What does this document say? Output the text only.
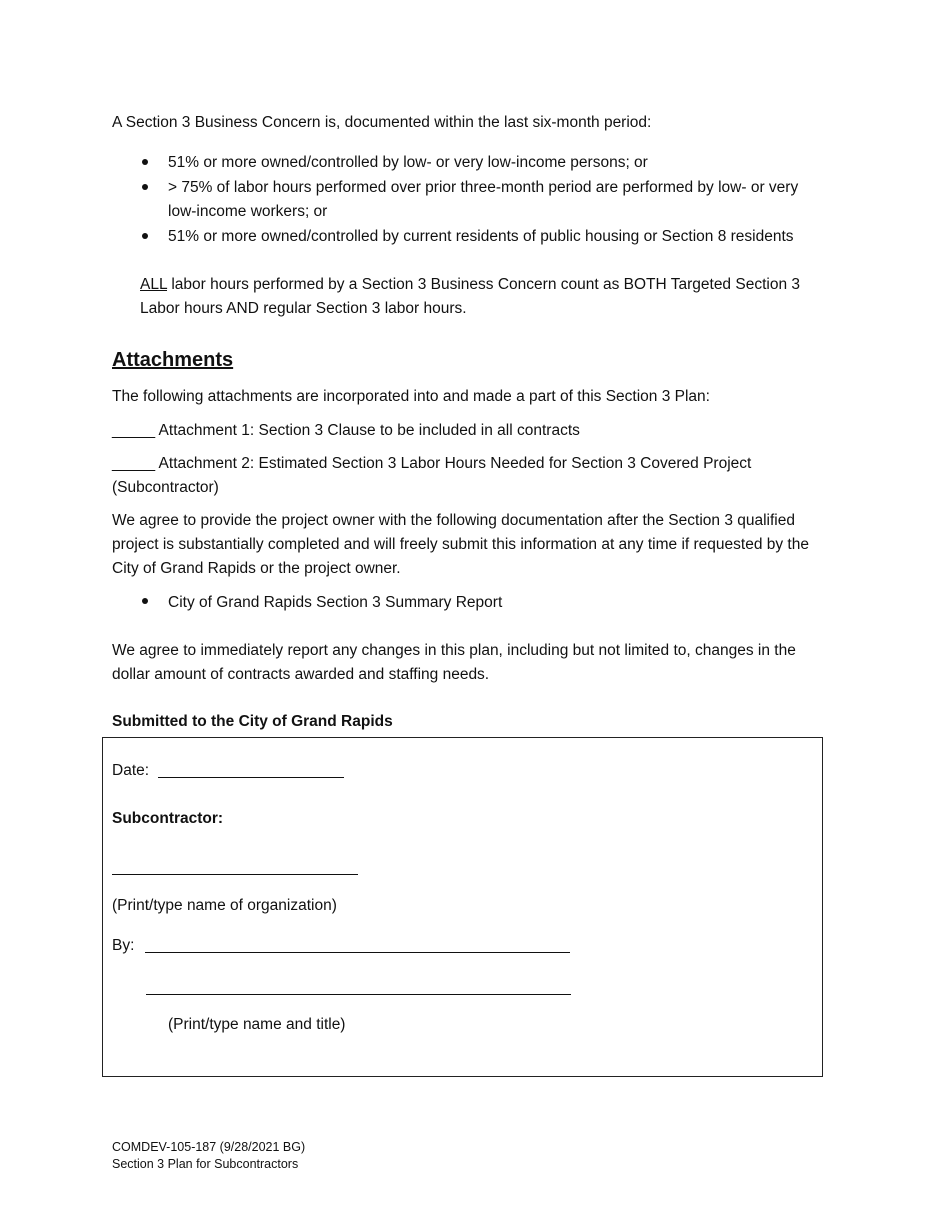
A Section 3 Business Concern is, documented within the last six-month period:
51% or more owned/controlled by low- or very low-income persons; or
> 75% of labor hours performed over prior three-month period are performed by low- or very low-income workers; or
51% or more owned/controlled by current residents of public housing or Section 8 residents
ALL labor hours performed by a Section 3 Business Concern count as BOTH Targeted Section 3 Labor hours AND regular Section 3 labor hours.
Attachments
The following attachments are incorporated into and made a part of this Section 3 Plan:
_____ Attachment 1: Section 3 Clause to be included in all contracts
_____ Attachment 2: Estimated Section 3 Labor Hours Needed for Section 3 Covered Project (Subcontractor)
We agree to provide the project owner with the following documentation after the Section 3 qualified project is substantially completed and will freely submit this information at any time if requested by the City of Grand Rapids or the project owner.
City of Grand Rapids Section 3 Summary Report
We agree to immediately report any changes in this plan, including but not limited to, changes in the dollar amount of contracts awarded and staffing needs.
Submitted to the City of Grand Rapids
Date:
Subcontractor:
(Print/type name of organization)
By:
(Print/type name and title)
COMDEV-105-187 (9/28/2021 BG)
Section 3 Plan for Subcontractors
